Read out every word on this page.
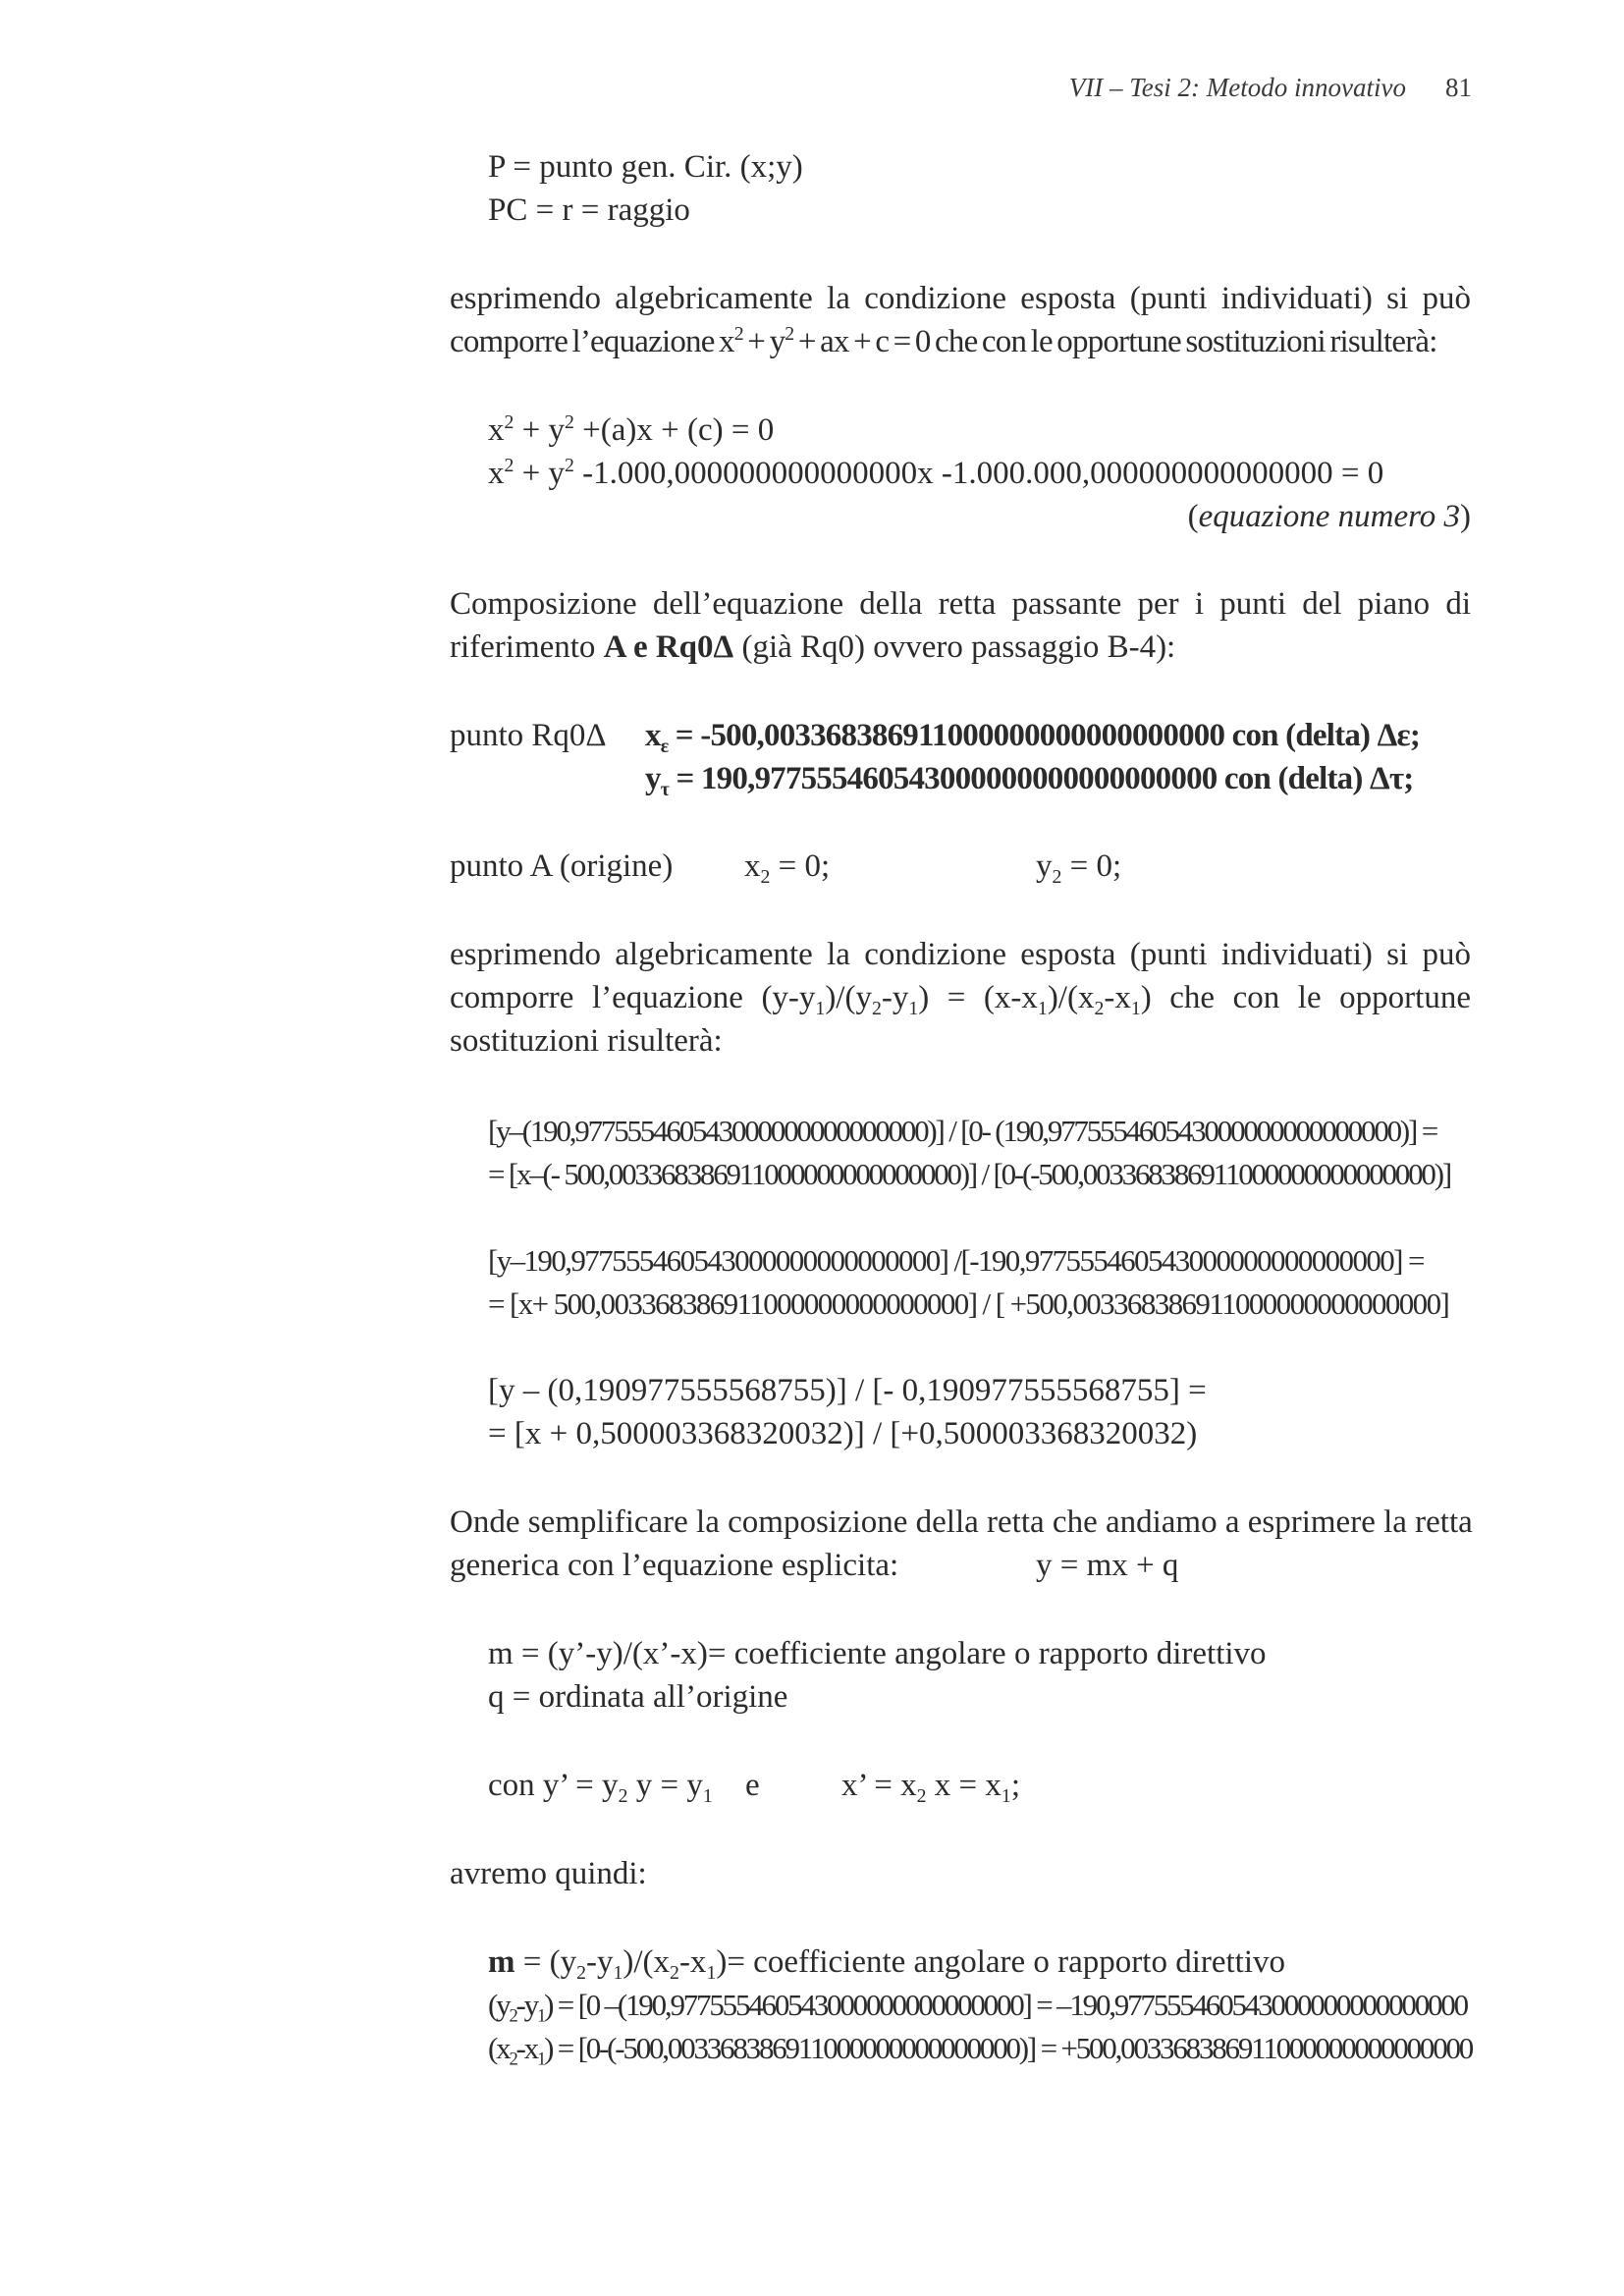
VII – Tesi 2: Metodo innovativo 81
P = punto gen. Cir. (x;y)
PC = r = raggio
esprimendo algebricamente la condizione esposta (punti individuati) si può
comporre l’equazione $x^2 + y^2$ + ax + c = 0 che con le opportune sostituzioni risulterà:
$x^2 + y^2 +(a)x + (c) = 0$
$x^2 + y^2$ -1.000,000000000000000x -1.000.000,000000000000000 = 0
(equazione numero 3)
Composizione dell’equazione della retta passante per i punti del piano di
riferimento A e Rq0Δ (già Rq0) ovvero passaggio B-4):
punto Rq0Δ $x_\varepsilon = -500,003368386911000000000000000000$ con (delta) Δε;
$y_\tau = 190,977555460543000000000000000000$ con (delta) Δτ;
punto A (origine) $x_2 = 0$;	$y_2 = 0$;
esprimendo algebricamente la condizione esposta (punti individuati) si può
comporre l’equazione $(y-y_1)/(y_2-y_1) = (x-x_1)/(x_2-x_1)$ che con le opportune
sostituzioni risulterà:
[y–(190,977555460543000000000000000)] / [0- (190,977555460543000000000000000)] =
= [x–(- 500,003368386911000000000000000)] / [0-(-500,003368386911000000000000000)]
[y–190,977555460543000000000000000] /[-190,977555460543000000000000000] =
= [x+ 500,003368386911000000000000000] / [ +500,003368386911000000000000000]
[y – (0,190977555568755)] / [- 0,190977555568755] =
= [x + 0,500003368320032)] / [+0,500003368320032)
Onde semplificare la composizione della retta che andiamo a esprimere la retta
generica con l’equazione esplicita:	y = mx + q
m = (y’-y)/(x’-x)= coefficiente angolare o rapporto direttivo
q = ordinata all’origine
con y’ = $y_2$ $y = y_1$ e	x’ = $x_2$ $x = x_1$;
avremo quindi:
$m = (y_2-y_1)/(x_2-x_1)=$ coefficiente angolare o rapporto direttivo
$(y_2-y_1) = [0$ –(190,977555460543000000000000000] = –190,977555460543000000000000000
$(x_2-x_1) = [0-(-500,003368386911000000000000000)] = +500,003368386911000000000000000$
